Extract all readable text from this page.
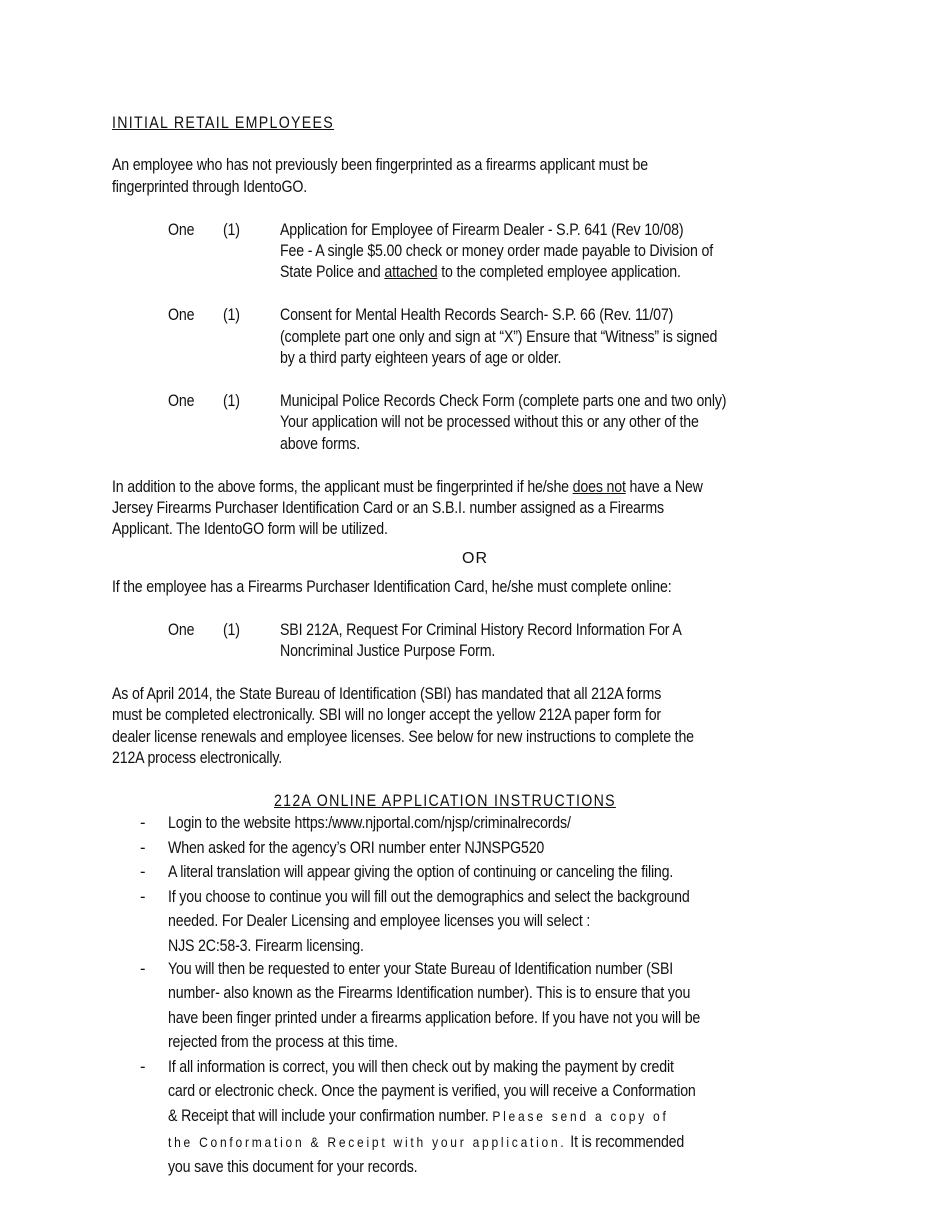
INITIAL RETAIL EMPLOYEES
An employee who has not previously been fingerprinted as a firearms applicant must be
fingerprinted through IdentoGO.
One (1) Application for Employee of Firearm Dealer - S.P. 641 (Rev 10/08)
Fee - A single $5.00 check or money order made payable to Division of
State Police and attached to the completed employee application.
One (1) Consent for Mental Health Records Search- S.P. 66 (Rev. 11/07)
(complete part one only and sign at “X”) Ensure that “Witness” is signed
by a third party eighteen years of age or older.
One (1) Municipal Police Records Check Form (complete parts one and two only)
Your application will not be processed without this or any other of the
above forms.
In addition to the above forms, the applicant must be fingerprinted if he/she does not have a New
Jersey Firearms Purchaser Identification Card or an S.B.I. number assigned as a Firearms
Applicant. The IdentoGO form will be utilized.
OR
If the employee has a Firearms Purchaser Identification Card, he/she must complete online:
One (1) SBI 212A, Request For Criminal History Record Information For A
Noncriminal Justice Purpose Form.
As of April 2014, the State Bureau of Identification (SBI) has mandated that all 212A forms
must be completed electronically. SBI will no longer accept the yellow 212A paper form for
dealer license renewals and employee licenses. See below for new instructions to complete the
212A process electronically.
212A ONLINE APPLICATION INSTRUCTIONS
- Login to the website https:/www.njportal.com/njsp/criminalrecords/
- When asked for the agency’s ORI number enter NJNSPG520
- A literal translation will appear giving the option of continuing or canceling the filing.
- If you choose to continue you will fill out the demographics and select the background
needed. For Dealer Licensing and employee licenses you will select :
NJS 2C:58-3. Firearm licensing.
- You will then be requested to enter your State Bureau of Identification number (SBI
number- also known as the Firearms Identification number). This is to ensure that you
have been finger printed under a firearms application before. If you have not you will be
rejected from the process at this time.
- If all information is correct, you will then check out by making the payment by credit
card or electronic check. Once the payment is verified, you will receive a Conformation
& Receipt that will include your confirmation number. Please send a copy of
the Conformation & Receipt with your application. It is recommended
you save this document for your records.
